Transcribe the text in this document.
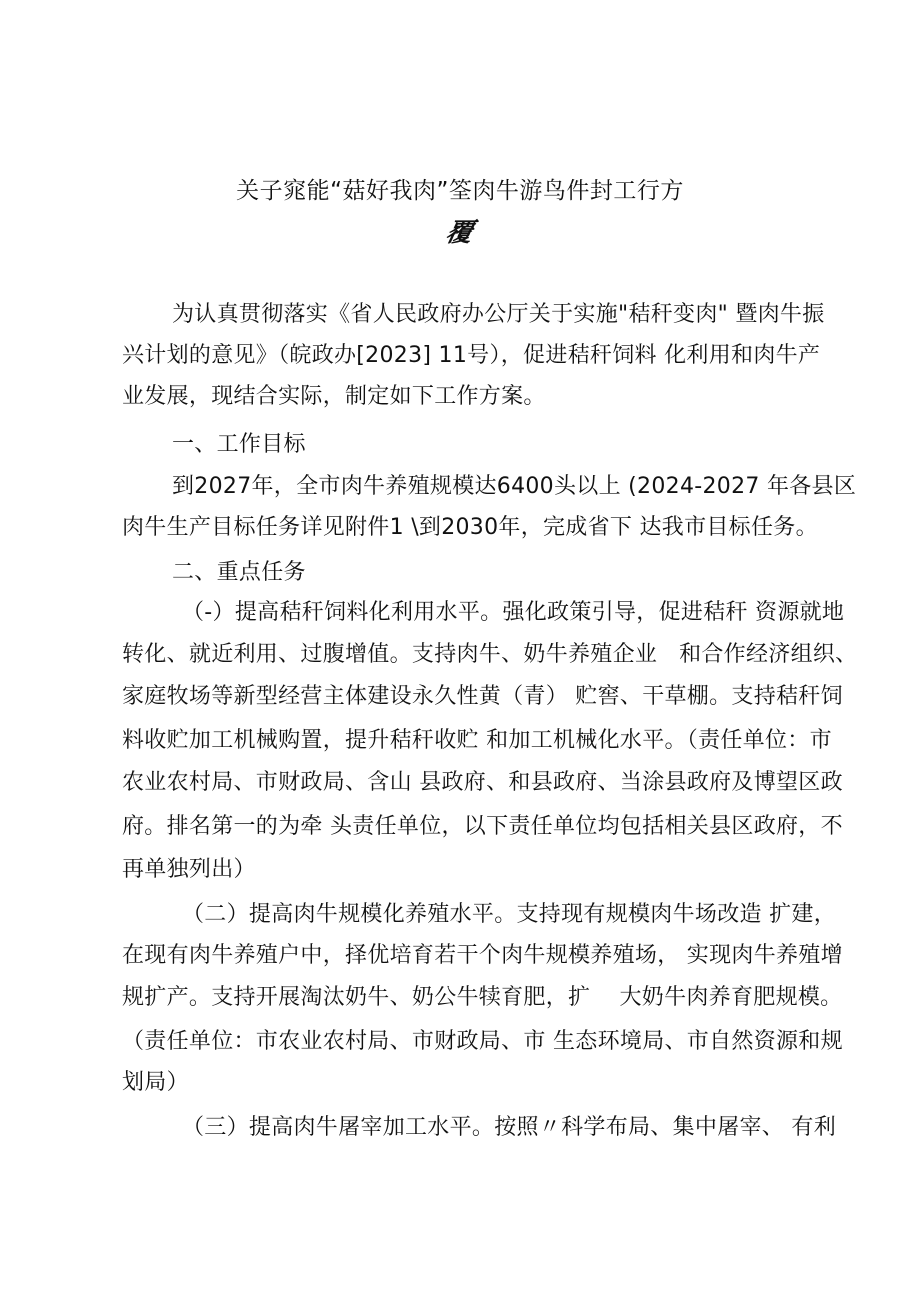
关子窕能“菇好我肉”筌肉牛游鸟件封工行方
覆
为认真贯彻落实《省人民政府办公厅关于实施"秸秆变肉" 暨肉牛振
兴计划的意见》（皖政办[2023] 11号），促进秸秆饲料 化利用和肉牛产
业发展，现结合实际，制定如下工作方案。
一、工作目标
到2027年，全市肉牛养殖规模达6400头以上 (2024-2027 年各县区
肉牛生产目标任务详见附件1 \到2030年，完成省下 达我市目标任务。
二、重点任务
（-）提高秸秆饲料化利用水平。强化政策引导，促进秸秆 资源就地
转化、就近利用、过腹增值。支持肉牛、奶牛养殖企业   和合作经济组织、
家庭牧场等新型经营主体建设永久性黄（青） 贮窖、干草棚。支持秸秆饲
料收贮加工机械购置，提升秸秆收贮 和加工机械化水平。（责任单位：市
农业农村局、市财政局、含山 县政府、和县政府、当涂县政府及博望区政
府。排名第一的为牵 头责任单位，以下责任单位均包括相关县区政府，不
再单独列出）
（二）提高肉牛规模化养殖水平。支持现有规模肉牛场改造 扩建，
在现有肉牛养殖户中，择优培育若干个肉牛规模养殖场， 实现肉牛养殖增
规扩产。支持开展淘汰奶牛、奶公牛犊育肥，扩    大奶牛肉养育肥规模。
（责任单位：市农业农村局、市财政局、市 生态环境局、市自然资源和规
划局）
（三）提高肉牛屠宰加工水平。按照〃科学布局、集中屠宰、 有利
